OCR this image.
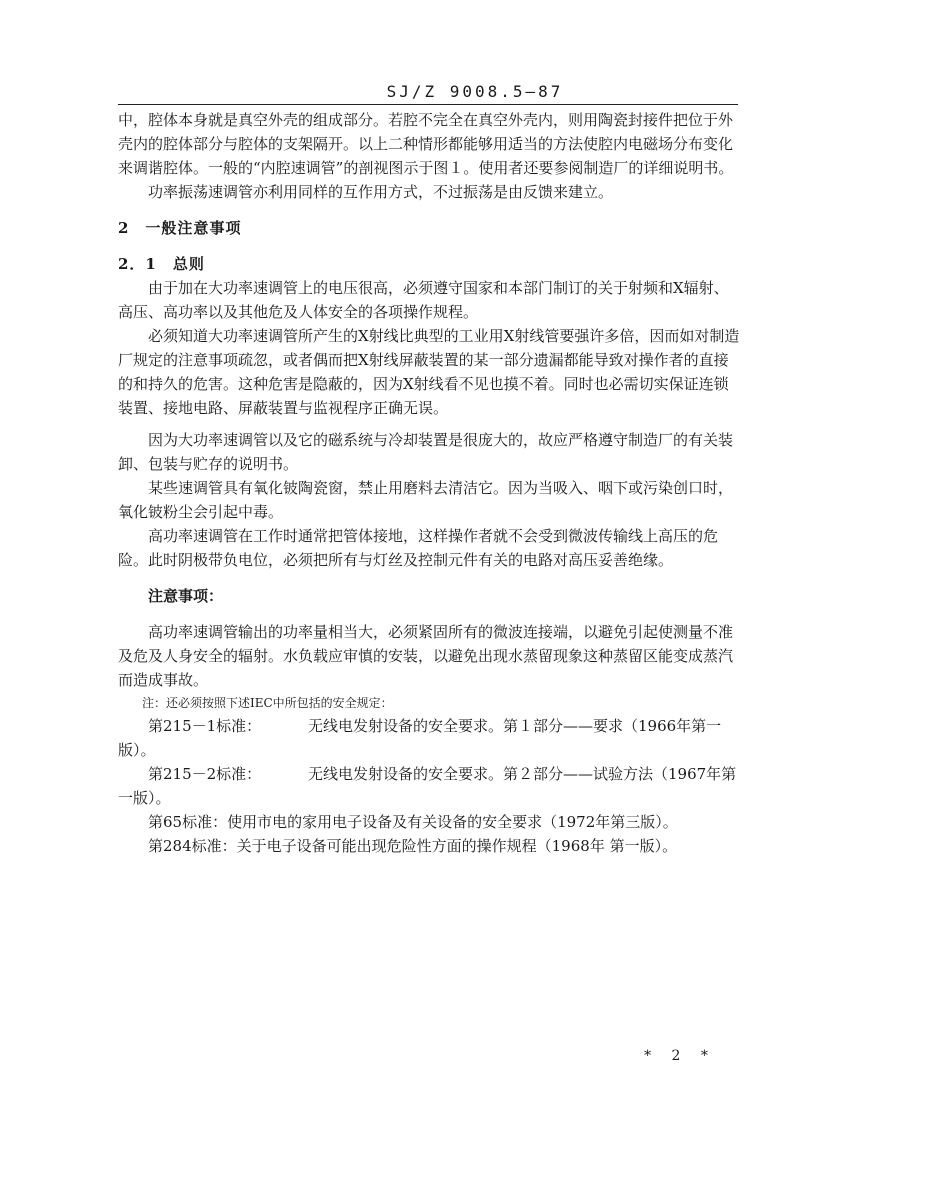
SJ/Z 9008.5—87

中，腔体本身就是真空外壳的组成部分。若腔不完全在真空外壳内，则用陶瓷封接件把位于外壳内的腔体部分与腔体的支架隔开。以上二种情形都能够用适当的方法使腔内电磁场分布变化来调谐腔体。一般的“内腔速调管”的剖视图示于图１。使用者还要参阅制造厂的详细说明书。

功率振荡速调管亦利用同样的互作用方式，不过振荡是由反馈来建立。

2　一般注意事项

2．1　总则

由于加在大功率速调管上的电压很高，必须遵守国家和本部门制订的关于射频和X辐射、高压、高功率以及其他危及人体安全的各项操作规程。

必须知道大功率速调管所产生的X射线比典型的工业用X射线管要强许多倍，因而如对制造厂规定的注意事项疏忽，或者偶而把X射线屏蔽装置的某一部分遗漏都能导致对操作者的直接的和持久的危害。这种危害是隐蔽的，因为X射线看不见也摸不着。同时也必需切实保证连锁装置、接地电路、屏蔽装置与监视程序正确无误。

因为大功率速调管以及它的磁系统与冷却装置是很庞大的，故应严格遵守制造厂的有关装卸、包装与贮存的说明书。

某些速调管具有氧化铍陶瓷窗，禁止用磨料去清洁它。因为当吸入、咽下或污染创口时，氧化铍粉尘会引起中毒。

高功率速调管在工作时通常把管体接地，这样操作者就不会受到微波传输线上高压的危险。此时阴极带负电位，必须把所有与灯丝及控制元件有关的电路对高压妥善绝缘。

注意事项：

高功率速调管输出的功率量相当大，必须紧固所有的微波连接端，以避免引起使测量不准及危及人身安全的辐射。水负载应审慎的安装，以避免出现水蒸留现象这种蒸留区能变成蒸汽而造成事故。

注：还必须按照下述IEC中所包括的安全规定：

第215－1标准：	无线电发射设备的安全要求。第１部分——要求（1966年第一版）。

第215－2标准：	无线电发射设备的安全要求。第２部分——试验方法（1967年第一版）。

第65标准：使用市电的家用电子设备及有关设备的安全要求（1972年第三版）。

第284标准：关于电子设备可能出现危险性方面的操作规程（1968年 第一版）。

* 2 *
